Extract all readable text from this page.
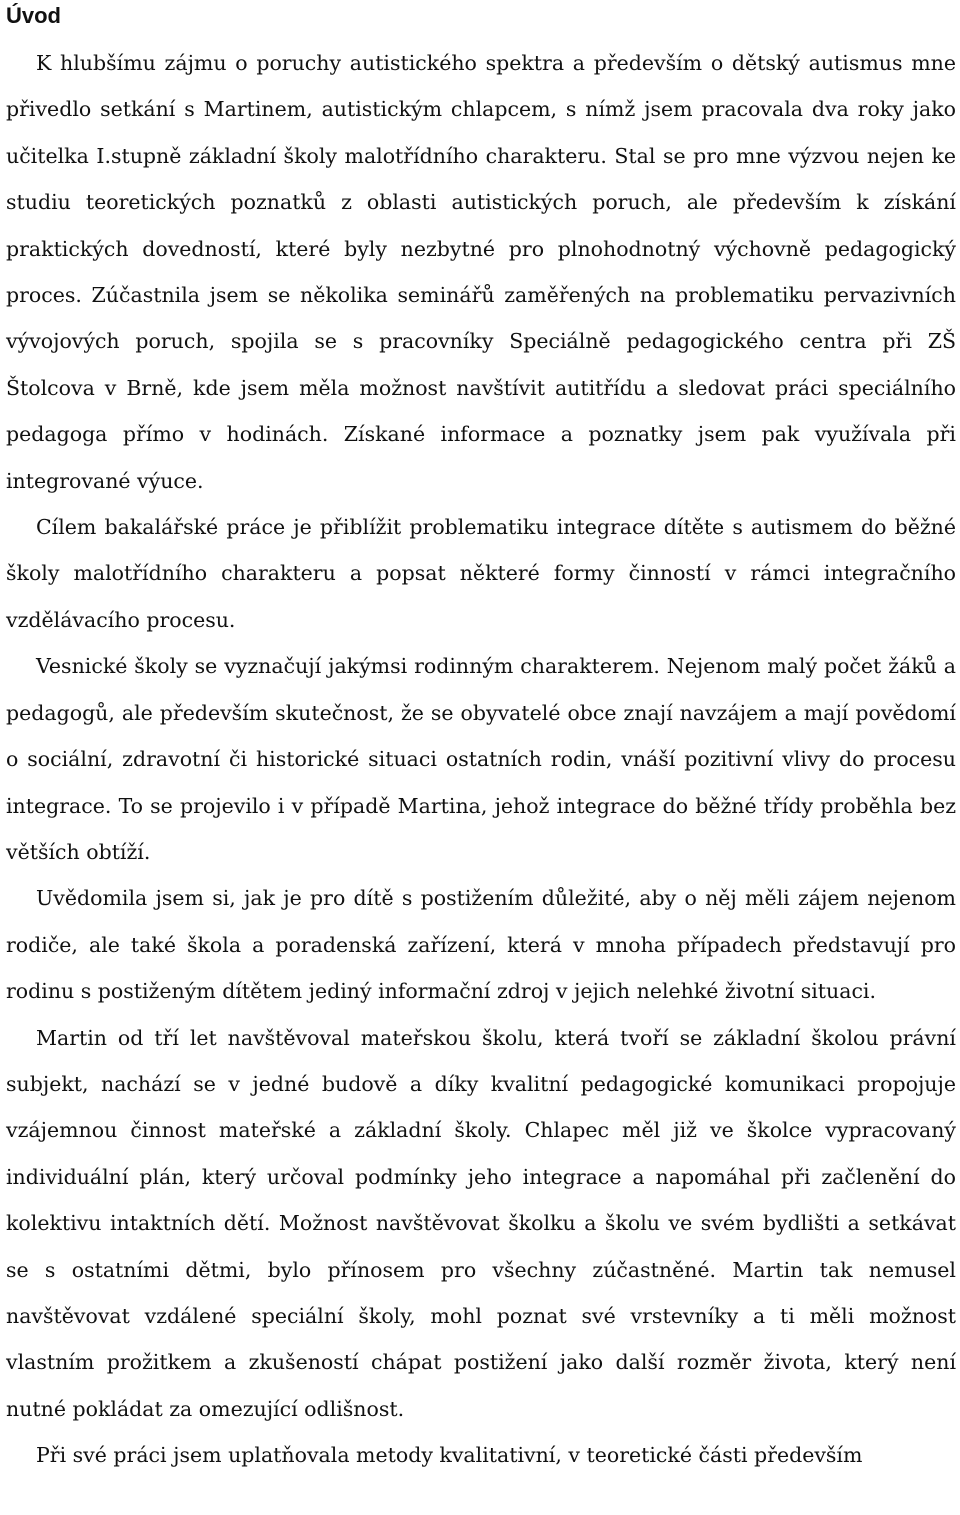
Úvod

K hlubšímu zájmu o poruchy autistického spektra a především o dětský autismus mne přivedlo setkání s Martinem, autistickým chlapcem, s nímž jsem pracovala dva roky jako učitelka I.stupně základní školy malotřídního charakteru. Stal se pro mne výzvou nejen ke studiu teoretických poznatků z oblasti autistických poruch, ale především k získání praktických dovedností, které byly nezbytné pro plnohodnotný výchovně pedagogický proces. Zúčastnila jsem se několika seminářů zaměřených na problematiku pervazivních vývojových poruch, spojila se s pracovníky Speciálně pedagogického centra při ZŠ Štolcova v Brně, kde jsem měla možnost navštívit autitřídu a sledovat práci speciálního pedagoga přímo v hodinách. Získané informace a poznatky jsem pak využívala při integrované výuce.

Cílem bakalářské práce je přiblížit problematiku integrace dítěte s autismem do běžné školy malotřídního charakteru a popsat některé formy činností v rámci integračního vzdělávacího procesu.

Vesnické školy se vyznačují jakýmsi rodinným charakterem. Nejenom malý počet žáků a pedagogů, ale především skutečnost, že se obyvatelé obce znají navzájem a mají povědomí o sociální, zdravotní či historické situaci ostatních rodin, vnáší pozitivní vlivy do procesu integrace. To se projevilo i v případě Martina, jehož integrace do běžné třídy proběhla bez větších obtíží.

Uvědomila jsem si, jak je pro dítě s postižením důležité, aby o něj měli zájem nejenom rodiče, ale také škola a poradenská zařízení, která v mnoha případech představují pro rodinu s postiženým dítětem jediný informační zdroj v jejich nelehké životní situaci.

Martin od tří let navštěvoval mateřskou školu, která tvoří se základní školou právní subjekt, nachází se v jedné budově a díky kvalitní pedagogické komunikaci propojuje vzájemnou činnost mateřské a základní školy. Chlapec měl již ve školce vypracovaný individuální plán, který určoval podmínky jeho integrace a napomáhal při začlenění do kolektivu intaktních dětí. Možnost navštěvovat školku a školu ve svém bydlišti a setkávat se s ostatními dětmi, bylo přínosem pro všechny zúčastněné. Martin tak nemusel navštěvovat vzdálené speciální školy, mohl poznat své vrstevníky a ti měli možnost vlastním prožitkem a zkušeností chápat postižení jako další rozměr života, který není nutné pokládat za omezující odlišnost.

Při své práci jsem uplatňovala metody kvalitativní, v teoretické části především
